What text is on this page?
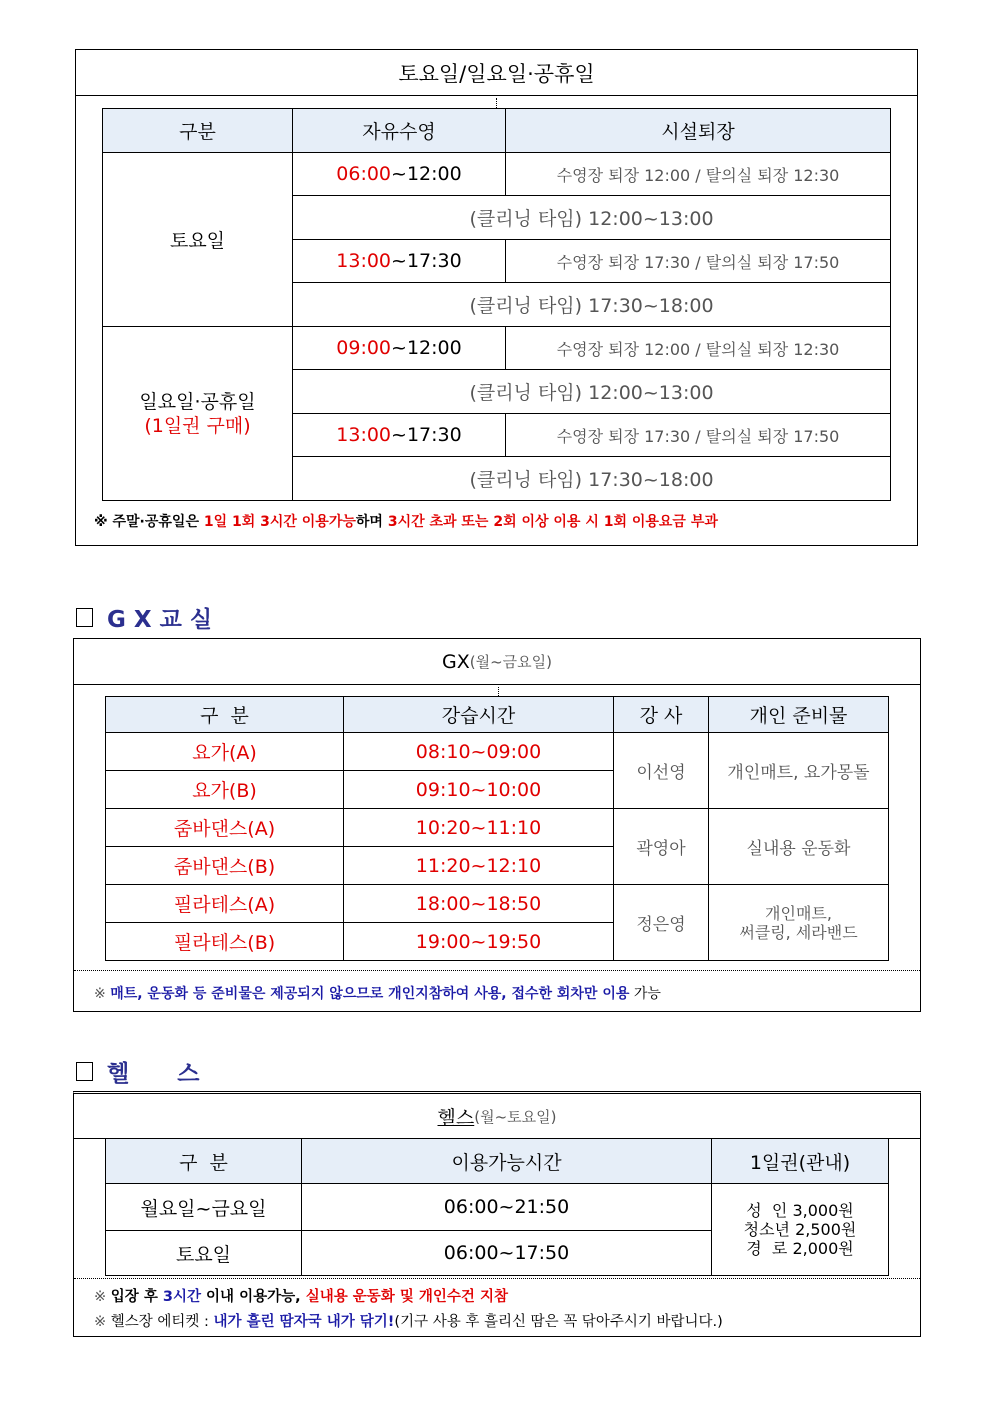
토요일/일요일·공휴일
구분	자유수영	시설퇴장
토요일	06:00~12:00	수영장 퇴장 12:00 / 탈의실 퇴장 12:30
	(클리닝 타임) 12:00~13:00	
	13:00~17:30	수영장 퇴장 17:30 / 탈의실 퇴장 17:50
	(클리닝 타임) 17:30~18:00	

일요일·공휴일
(1일권 구매)	09:00~12:00	수영장 퇴장 12:00 / 탈의실 퇴장 12:30
	(클리닝 타임) 12:00~13:00	
	13:00~17:30	수영장 퇴장 17:30 / 탈의실 퇴장 17:50
	(클리닝 타임) 17:30~18:00	
※ 주말·공휴일은 1일 1회 3시간 이용가능하며 3시간 초과 또는 2회 이상 이용 시 1회 이용요금 부과
G X 교 실
GX (월~금요일)
구  분	강습시간	강 사	개인 준비물
요가(A)	08:10~09:00	이선영	개인매트, 요가몽돌
요가(B)	09:10~10:00		
줌바댄스(A)	10:20~11:10	곽영아	실내용 운동화
줌바댄스(B)	11:20~12:10		
필라테스(A)	18:00~18:50	정은영	개인매트,
써클링, 세라밴드

필라테스(B)	19:00~19:50		
※ 매트, 운동화 등 준비물은 제공되지 않으므로 개인지참하여 사용, 접수한 회차만 이용 가능
헬      스
헬스 (월~토요일)
구  분	이용가능시간	1일권(관내)
월요일~금요일	06:00~21:50	성  인 3,000원
청소년 2,500원
경  로 2,000원

토요일	06:00~17:50	
※ 입장 후 3시간 이내 이용가능, 실내용 운동화 및 개인수건 지참
※ 헬스장 에티켓 : 내가 흘린 땀자국 내가 닦기!(기구 사용 후 흘리신 땀은 꼭 닦아주시기 바랍니다.)
